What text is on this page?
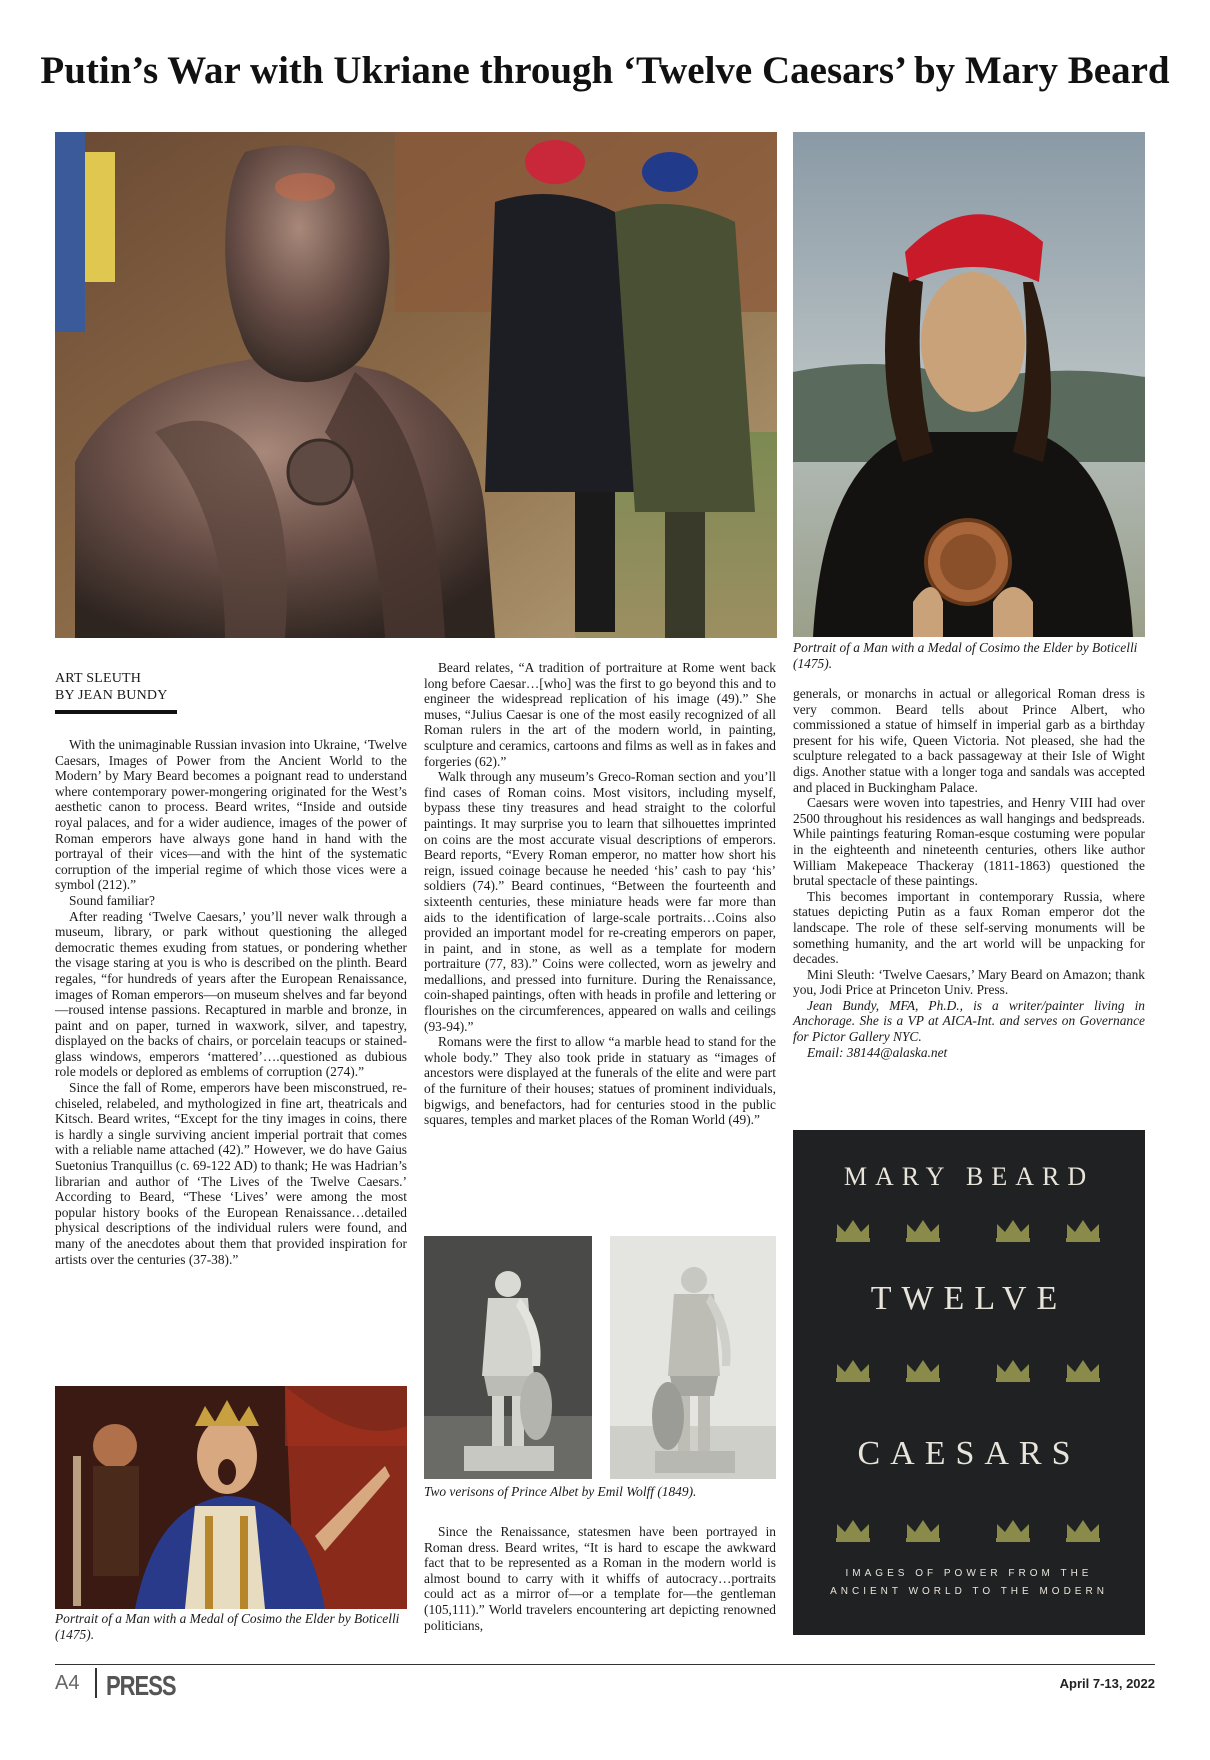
Putin’s War with Ukriane through ‘Twelve Caesars’ by Mary Beard
Portrait of a Man with a Medal of Cosimo the Elder by Boticelli (1475).
ART SLEUTH
BY JEAN BUNDY

With the unimaginable Russian invasion into Ukraine, ‘Twelve Caesars, Images of Power from the Ancient World to the Modern’ by Mary Beard becomes a poignant read to understand where contemporary power-mongering originated for the West’s aesthetic canon to process. Beard writes, “Inside and outside royal palaces, and for a wider audience, images of the power of Roman emperors have always gone hand in hand with the portrayal of their vices—and with the hint of the systematic corruption of the imperial regime of which those vices were a symbol (212).”

Sound familiar?

After reading ‘Twelve Caesars,’ you’ll never walk through a museum, library, or park without questioning the alleged democratic themes exuding from statues, or pondering whether the visage staring at you is who is described on the plinth. Beard regales, “for hundreds of years after the European Renaissance, images of Roman emperors—on museum shelves and far beyond—roused intense passions. Recaptured in marble and bronze, in paint and on paper, turned in waxwork, silver, and tapestry, displayed on the backs of chairs, or porcelain teacups or stained-glass windows, emperors ‘mattered’….questioned as dubious role models or deplored as emblems of corruption (274).”

Since the fall of Rome, emperors have been misconstrued, re-chiseled, relabeled, and mythologized in fine art, theatricals and Kitsch. Beard writes, “Except for the tiny images in coins, there is hardly a single surviving ancient imperial portrait that comes with a reliable name attached (42).” However, we do have Gaius Suetonius Tranquillus (c. 69-122 AD) to thank; He was Hadrian’s librarian and author of ‘The Lives of the Twelve Caesars.’ According to Beard, “These ‘Lives’ were among the most popular history books of the European Renaissance…detailed physical descriptions of the individual rulers were found, and many of the anecdotes about them that provided inspiration for artists over the centuries (37-38).”

Portrait of a Man with a Medal of Cosimo the Elder by Boticelli (1475).

Beard relates, “A tradition of portraiture at Rome went back long before Caesar…[who] was the first to go beyond this and to engineer the widespread replication of his image (49).” She muses, “Julius Caesar is one of the most easily recognized of all Roman rulers in the art of the modern world, in painting, sculpture and ceramics, cartoons and films as well as in fakes and forgeries (62).”

Walk through any museum’s Greco-Roman section and you’ll find cases of Roman coins. Most visitors, including myself, bypass these tiny treasures and head straight to the colorful paintings. It may surprise you to learn that silhouettes imprinted on coins are the most accurate visual descriptions of emperors. Beard reports, “Every Roman emperor, no matter how short his reign, issued coinage because he needed ‘his’ cash to pay ‘his’ soldiers (74).” Beard continues, “Between the fourteenth and sixteenth centuries, these miniature heads were far more than aids to the identification of large-scale portraits…Coins also provided an important model for re-creating emperors on paper, in paint, and in stone, as well as a template for modern portraiture (77, 83).” Coins were collected, worn as jewelry and medallions, and pressed into furniture. During the Renaissance, coin-shaped paintings, often with heads in profile and lettering or flourishes on the circumferences, appeared on walls and ceilings (93-94).”

Romans were the first to allow “a marble head to stand for the whole body.” They also took pride in statuary as “images of ancestors were displayed at the funerals of the elite and were part of the furniture of their houses; statues of prominent individuals, bigwigs, and benefactors, had for centuries stood in the public squares, temples and market places of the Roman World (49).”

Two verisons of Prince Albet by Emil Wolff (1849).

Since the Renaissance, statesmen have been portrayed in Roman dress. Beard writes, “It is hard to escape the awkward fact that to be represented as a Roman in the modern world is almost bound to carry with it whiffs of autocracy…portraits could act as a mirror of—or a template for—the gentleman (105,111).” World travelers encountering art depicting renowned politicians,

generals, or monarchs in actual or allegorical Roman dress is very common. Beard tells about Prince Albert, who commissioned a statue of himself in imperial garb as a birthday present for his wife, Queen Victoria. Not pleased, she had the sculpture relegated to a back passageway at their Isle of Wight digs. Another statue with a longer toga and sandals was accepted and placed in Buckingham Palace.

Caesars were woven into tapestries, and Henry VIII had over 2500 throughout his residences as wall hangings and bedspreads. While paintings featuring Roman-esque costuming were popular in the eighteenth and nineteenth centuries, others like author William Makepeace Thackeray (1811-1863) questioned the brutal spectacle of these paintings.

This becomes important in contemporary Russia, where statues depicting Putin as a faux Roman emperor dot the landscape. The role of these self-serving monuments will be something humanity, and the art world will be unpacking for decades.

Mini Sleuth: ‘Twelve Caesars,’ Mary Beard on Amazon; thank you, Jodi Price at Princeton Univ. Press.

Jean Bundy, MFA, Ph.D., is a writer/painter living in Anchorage. She is a VP at AICA-Int. and serves on Governance for Pictor Gallery NYC.

Email: 38144@alaska.net

MARY BEARD
TWELVE
CAESARS
IMAGES OF POWER FROM THE
ANCIENT WORLD TO THE MODERN
A4 PRESS	April 7-13, 2022
